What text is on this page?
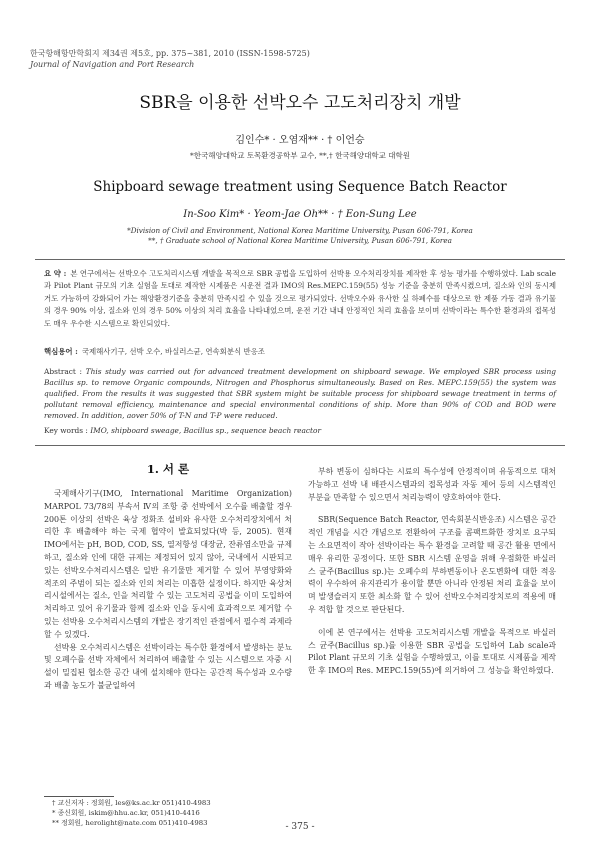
한국항해항만학회지 제34권 제5호, pp. 375~381, 2010 (ISSN-1598-5725)
Journal of Navigation and Port Research
SBR을 이용한 선박오수 고도처리장치 개발
김인수* · 오염재** · † 이언승
*한국해양대학교 토목환경공학부 교수, **,† 한국해양대학교 대학원
Shipboard sewage treatment using Sequence Batch Reactor
In-Soo Kim* · Yeom-Jae Oh** · † Eon-Sung Lee
*Division of Civil and Environment, National Korea Maritime University, Pusan 606-791, Korea
**, † Graduate school of National Korea Maritime University, Pusan 606-791, Korea
요 약 : 본 연구에서는 선박오수 고도처리시스템 개발을 목적으로 SBR 공법을 도입하여 선박용 오수처리장치를 제작한 후 성능 평가를 수행하였다. Lab scale과 Pilot Plant 규모의 기초 실험을 토대로 제작한 시제품은 시운전 결과 IMO의 Res.MEPC.159(55) 성능 기준을 충분히 만족시켰으며, 질소와 인의 동시제거도 가능하여 강화되어 가는 해양환경기준을 충분히 만족시킬 수 있을 것으로 평가되었다. 선박오수와 유사한 실 하폐수를 대상으로 한 제품 가동 결과 유기물의 경우 90% 이상, 질소와 인의 경우 50% 이상의 처리 효율을 나타내었으며, 운전 기간 내내 안정적인 처리 효율을 보이며 선박이라는 특수한 환경과의 접목성도 매우 우수한 시스템으로 확인되었다.
핵심용어 : 국제해사기구, 선박 오수, 바실러스균, 연속회분식 반응조
Abstract : This study was carried out for advanced treatment development on shipboard sewage. We employed SBR process using Bacillus sp. to remove Organic compounds, Nitrogen and Phosphorus simultaneously. Based on Res. MEPC.159(55) the system was qualified. From the results it was suggested that SBR system might be suitable process for shipboard sewage treatment in terms of pollutant removal efficiency, maintenance and special environmental conditions of ship. More than 90% of COD and BOD were removed. In addition, aover 50% of T-N and T-P were reduced.
Key words : IMO, shipboard sweage, Bacillus sp., sequence beach reactor
1. 서 론

국제해사기구(IMO, International Maritime Organization) MARPOL 73/78의 부속서 Ⅳ의 조항 중 선박에서 오수를 배출할 경우 200톤 이상의 선박은 육상 정화조 설비와 유사한 오수처리장치에서 처리한 후 배출해야 하는 국제 협약이 발효되었다(박 등, 2005). 현재 IMO에서는 pH, BOD, COD, SS, 열저항성 대장균, 잔류염소만을 규제하고, 질소와 인에 대한 규제는 제정되어 있지 않아, 국내에서 시판되고 있는 선박오수처리시스템은 일반 유기물만 제거할 수 있어 부영양화와 적조의 주범이 되는 질소와 인의 처리는 미흡한 실정이다. 하지만 육상처리시설에서는 질소, 인을 처리할 수 있는 고도처리 공법을 이미 도입하여 처리하고 있어 유기물과 함께 질소와 인을 동시에 효과적으로 제거할 수 있는 선박용 오수처리시스템의 개발은 장기적인 관점에서 필수적 과제라 할 수 있겠다.

선박용 오수처리시스템은 선박이라는 특수한 환경에서 발생하는 분뇨 및 오폐수를 선박 자체에서 처리하여 배출할 수 있는 시스템으로 자중 시설이 밀집된 협소한 공간 내에 설치해야 한다는 공간적 특수성과 오수량과 배출 농도가 불균일하여

부하 변동이 심하다는 시료의 특수성에 안정적이며 유동적으로 대처 가능하고 선박 내 배관시스템과의 접목성과 자동 제어 등의 시스템적인 부분을 만족할 수 있으면서 처리능력이 양호하여야 한다.

SBR(Sequence Batch Reactor, 연속회분식반응조) 시스템은 공간적인 개념을 시간 개념으로 전환하여 구조를 콤팩트화한 장치로 요구되는 소요면적이 작아 선박이라는 특수 환경을 고려할 때 공간 활용 면에서 매우 유리한 공정이다. 또한 SBR 시스템 운영을 위해 우점화한 바실러스 균주(Bacillus sp.)는 오폐수의 부하변동이나 온도변화에 대한 적응력이 우수하여 유지관리가 용이할 뿐만 아니라 안정된 처리 효율을 보이며 발생슬러지 또한 최소화 할 수 있어 선박오수처리장치로의 적용에 매우 적합 할 것으로 판단된다.

이에 본 연구에서는 선박용 고도처리시스템 개발을 목적으로 바실러스 균주(Bacillus sp.)를 이용한 SBR 공법을 도입하여 Lab scale과 Pilot Plant 규모의 기초 실험을 수행하였고, 이를 토대로 시제품을 제작한 후 IMO의 Res. MEPC.159(55)에 의거하여 그 성능을 확인하였다.

† 교신저자 : 정회원, les@ks.ac.kr 051)410-4983
* 종신회원, iskim@hhu.ac.kr, 051)410-4416
** 정회원, herolight@nate.com 051)410-4983	- 375 -
